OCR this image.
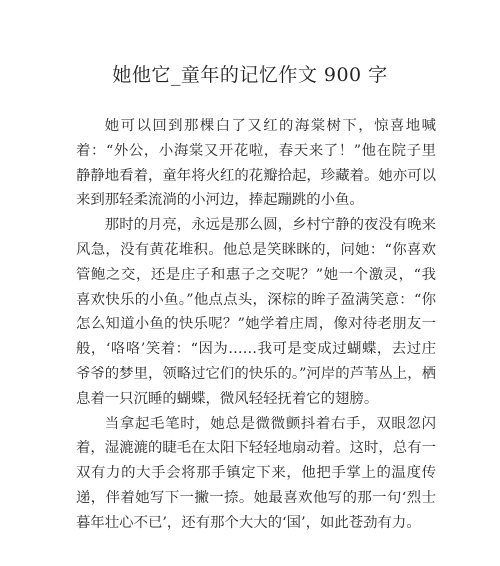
她他它_童年的记忆作文 900 字

她可以回到那棵白了又红的海棠树下，惊喜地喊着：“外公，小海棠又开花啦，春天来了！”他在院子里静静地看着，童年将火红的花瓣拾起，珍藏着。她亦可以来到那轻柔流淌的小河边，捧起蹦跳的小鱼。

那时的月亮，永远是那么圆，乡村宁静的夜没有晚来风急，没有黄花堆积。他总是笑眯眯的，问她：“你喜欢管鲍之交，还是庄子和惠子之交呢？”她一个激灵，“我喜欢快乐的小鱼。”他点点头，深棕的眸子盈满笑意：“你怎么知道小鱼的快乐呢？”她学着庄周，像对待老朋友一般，‘咯咯’笑着：“因为……我可是变成过蝴蝶，去过庄爷爷的梦里，领略过它们的快乐的。”河岸的芦苇丛上，栖息着一只沉睡的蝴蝶，微风轻轻抚着它的翅膀。

当拿起毛笔时，她总是微微颤抖着右手，双眼忽闪着，湿漉漉的睫毛在太阳下轻轻地扇动着。这时，总有一双有力的大手会将那手镇定下来，他把手掌上的温度传递，伴着她写下一撇一捺。她最喜欢他写的那一句‘烈士暮年壮心不已’，还有那个大大的‘国’，如此苍劲有力。
